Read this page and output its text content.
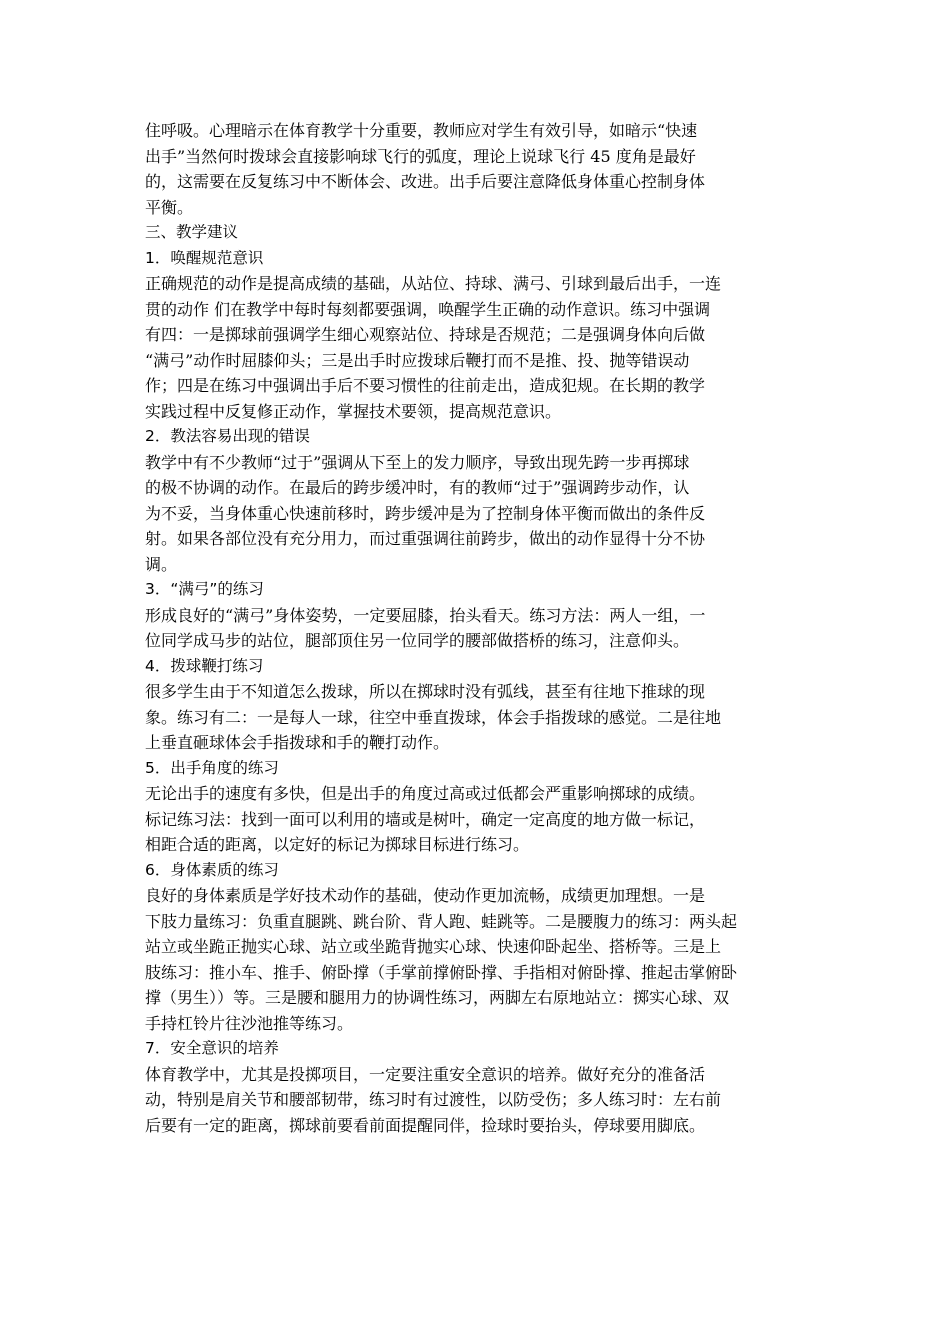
住呼吸。心理暗示在体育教学十分重要，教师应对学生有效引导，如暗示“快速
出手”当然何时拨球会直接影响球飞行的弧度，理论上说球飞行 45 度角是最好
的，这需要在反复练习中不断体会、改进。出手后要注意降低身体重心控制身体
平衡。
三、教学建议
1．唤醒规范意识
正确规范的动作是提高成绩的基础，从站位、持球、满弓、引球到最后出手，一连
贯的动作 们在教学中每时每刻都要强调，唤醒学生正确的动作意识。练习中强调
有四：一是掷球前强调学生细心观察站位、持球是否规范；二是强调身体向后做
“满弓”动作时屈膝仰头；三是出手时应拨球后鞭打而不是推、投、抛等错误动
作；四是在练习中强调出手后不要习惯性的往前走出，造成犯规。在长期的教学
实践过程中反复修正动作，掌握技术要领，提高规范意识。
2．教法容易出现的错误
教学中有不少教师“过于”强调从下至上的发力顺序，导致出现先跨一步再掷球
的极不协调的动作。在最后的跨步缓冲时，有的教师“过于”强调跨步动作，认
为不妥，当身体重心快速前移时，跨步缓冲是为了控制身体平衡而做出的条件反
射。如果各部位没有充分用力，而过重强调往前跨步，做出的动作显得十分不协
调。
3．“满弓”的练习
形成良好的“满弓”身体姿势，一定要屈膝，抬头看天。练习方法：两人一组，一
位同学成马步的站位，腿部顶住另一位同学的腰部做搭桥的练习，注意仰头。
4．拨球鞭打练习
很多学生由于不知道怎么拨球，所以在掷球时没有弧线，甚至有往地下推球的现
象。练习有二：一是每人一球，往空中垂直拨球，体会手指拨球的感觉。二是往地
上垂直砸球体会手指拨球和手的鞭打动作。
5．出手角度的练习
无论出手的速度有多快，但是出手的角度过高或过低都会严重影响掷球的成绩。
标记练习法：找到一面可以利用的墙或是树叶，确定一定高度的地方做一标记，
相距合适的距离，以定好的标记为掷球目标进行练习。
6．身体素质的练习
良好的身体素质是学好技术动作的基础，使动作更加流畅，成绩更加理想。一是
下肢力量练习：负重直腿跳、跳台阶、背人跑、蛙跳等。二是腰腹力的练习：两头起
站立或坐跪正抛实心球、站立或坐跪背抛实心球、快速仰卧起坐、搭桥等。三是上
肢练习：推小车、推手、俯卧撑（手掌前撑俯卧撑、手指相对俯卧撑、推起击掌俯卧
撑（男生））等。三是腰和腿用力的协调性练习，两脚左右原地站立：掷实心球、双
手持杠铃片往沙池推等练习。
7．安全意识的培养
体育教学中，尤其是投掷项目，一定要注重安全意识的培养。做好充分的准备活
动，特别是肩关节和腰部韧带，练习时有过渡性，以防受伤；多人练习时：左右前
后要有一定的距离，掷球前要看前面提醒同伴，捡球时要抬头，停球要用脚底。
